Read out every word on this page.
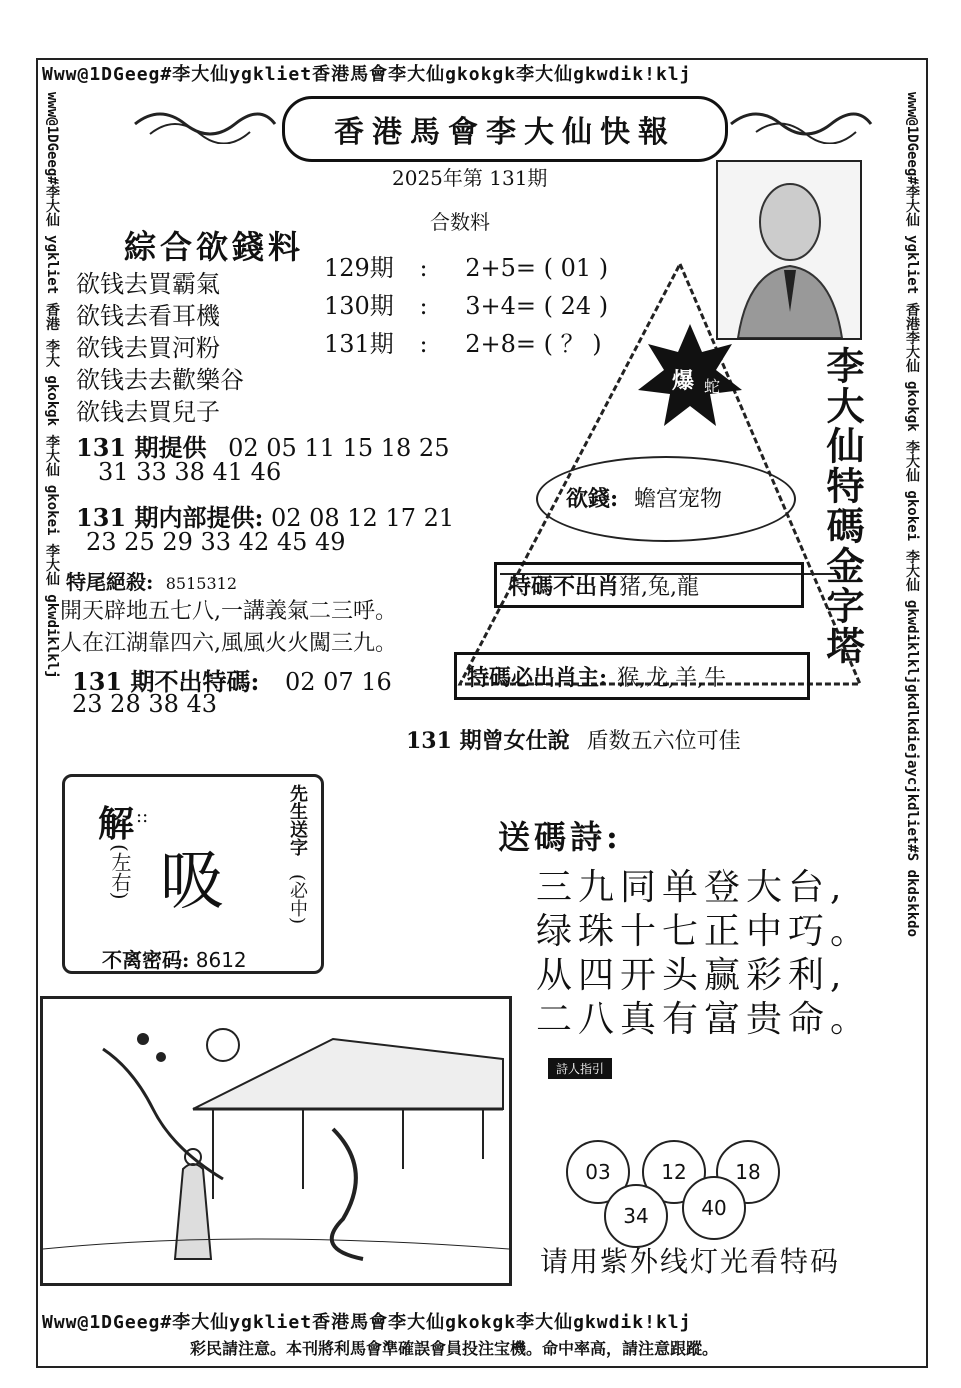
Www@1DGeeg#李大仙ygkliet香港馬會李大仙gkokgk李大仙gkwdik!klj
www@1DGeeg#李大仙 ygkliet 香港 李大 gkokgk 李大仙 gkokei 李大仙 gkwdiklklj	www@1DGeeg#李大仙 ygkliet 香港李大仙 gkokgk 李大仙 gkokei 李大仙 gkwdiklkljgkdlkdiejaycjkdliet#S dkdskkdo
香港馬會李大仙快報
2025年第 131期
合数料
綜合欲錢料
欲钱去買霸氣
欲钱去看耳機
欲钱去買河粉
欲钱去去歡樂谷
欲钱去買兒子
129期 : 2+5= ( 01 )
130期 : 3+4= ( 24 )
131期 : 2+8= ( ？ )
爆 蛇
欲錢: 蟾宫宠物
特碼不出肖 猪,兔,龍
特碼必出肖主: 猴,龙,羊,牛
李大仙特碼金字塔
131 期提供 02 05 11 15 18 25
31 33 38 41 46
131 期内部提供: 02 08 12 17 21
23 25 29 33 42 45 49
特尾絕殺: 8515312
開天辟地五七八,一講義氣二三呼。
人在江湖靠四六,風風火火闖三九。
131 期不出特碼: 02 07 16
23 28 38 43
131 期曾女仕說 盾数五六位可佳
解 ::
(左右) 吸
先生送字
(必中)
不离密码: 8612
送碼詩:
三九同单登大台,
绿珠十七正中巧。
从四开头赢彩利,
二八真有富贵命。
詩人指引
03	12	18
34	40
请用紫外线灯光看特码
Www@1DGeeg#李大仙ygkliet香港馬會李大仙gkokgk李大仙gkwdik!klj
彩民請注意。本刊將利馬會準確誤會員投注宝機。命中率高，請注意跟蹤。
